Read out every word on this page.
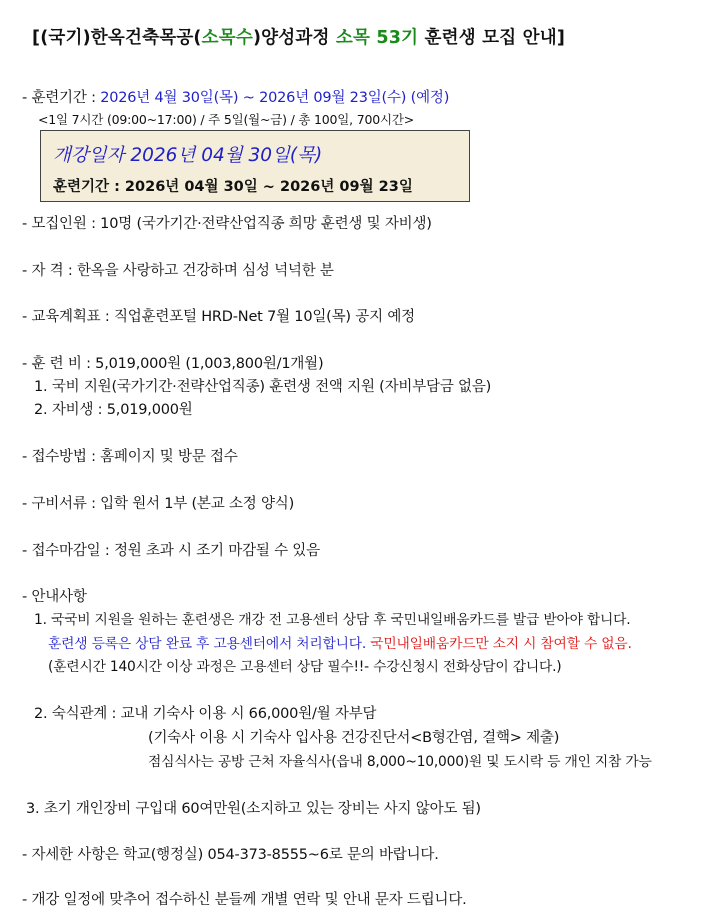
[(국기)한옥건축목공(소목수)양성과정 소목 53기 훈련생 모집 안내]
- 훈련기간 : 2026년 4월 30일(목) ~ 2026년 09월 23일(수) (예정)
<1일 7시간 (09:00~17:00) / 주 5일(월~금) / 총 100일, 700시간>
개강일자 2026년 04월 30일(목)
훈련기간 : 2026년 04월 30일 ~ 2026년 09월 23일
- 모집인원 : 10명 (국가기간·전략산업직종 희망 훈련생 및 자비생)
- 자 격 : 한옥을 사랑하고 건강하며 심성 넉넉한 분
- 교육계획표 : 직업훈련포털 HRD-Net 7월 10일(목) 공지 예정
- 훈 련 비 : 5,019,000원 (1,003,800원/1개월)
1. 국비 지원(국가기간·전략산업직종) 훈련생 전액 지원 (자비부담금 없음)
2. 자비생 : 5,019,000원
- 접수방법 : 홈페이지 및 방문 접수
- 구비서류 : 입학 원서 1부 (본교 소정 양식)
- 접수마감일 : 정원 초과 시 조기 마감될 수 있음
- 안내사항
1. 국국비 지원을 원하는 훈련생은 개강 전 고용센터 상담 후 국민내일배움카드를 발급 받아야 합니다.
훈련생 등록은 상담 완료 후 고용센터에서 처리합니다. 국민내일배움카드만 소지 시 참여할 수 없음.
(훈련시간 140시간 이상 과정은 고용센터 상담 필수!!- 수강신청시 전화상담이 갑니다.)
2. 숙식관계 : 교내 기숙사 이용 시 66,000원/월 자부담
(기숙사 이용 시 기숙사 입사용 건강진단서<B형간염, 결핵> 제출)
점심식사는 공방 근처 자율식사(읍내 8,000~10,000)원 및 도시락 등 개인 지참 가능
3. 초기 개인장비 구입대 60여만원(소지하고 있는 장비는 사지 않아도 됨)
- 자세한 사항은 학교(행정실) 054-373-8555~6로 문의 바랍니다.
- 개강 일정에 맞추어 접수하신 분들께 개별 연락 및 안내 문자 드립니다.
